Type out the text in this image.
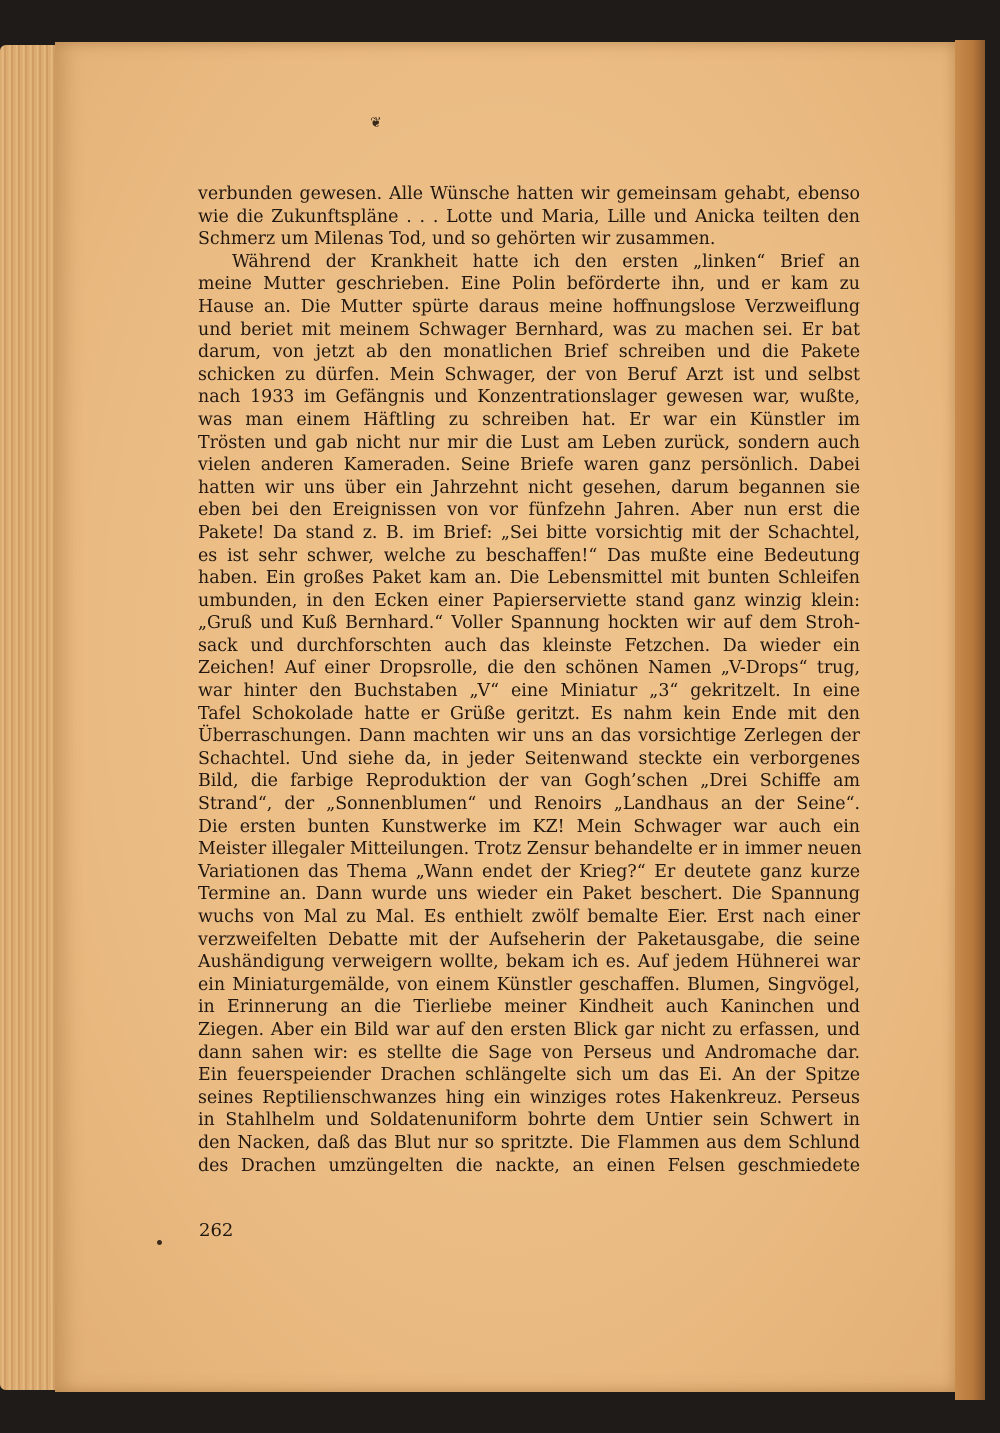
❦
verbunden gewesen. Alle Wünsche hatten wir gemeinsam gehabt, ebenso
wie die Zukunftspläne . . . Lotte und Maria, Lille und Anicka teilten den
Schmerz um Milenas Tod, und so gehörten wir zusammen.
Während der Krankheit hatte ich den ersten „linken“ Brief an
meine Mutter geschrieben. Eine Polin beförderte ihn, und er kam zu
Hause an. Die Mutter spürte daraus meine hoffnungslose Verzweiflung
und beriet mit meinem Schwager Bernhard, was zu machen sei. Er bat
darum, von jetzt ab den monatlichen Brief schreiben und die Pakete
schicken zu dürfen. Mein Schwager, der von Beruf Arzt ist und selbst
nach 1933 im Gefängnis und Konzentrationslager gewesen war, wußte,
was man einem Häftling zu schreiben hat. Er war ein Künstler im
Trösten und gab nicht nur mir die Lust am Leben zurück, sondern auch
vielen anderen Kameraden. Seine Briefe waren ganz persönlich. Dabei
hatten wir uns über ein Jahrzehnt nicht gesehen, darum begannen sie
eben bei den Ereignissen von vor fünfzehn Jahren. Aber nun erst die
Pakete! Da stand z. B. im Brief: „Sei bitte vorsichtig mit der Schachtel,
es ist sehr schwer, welche zu beschaffen!“ Das mußte eine Bedeutung
haben. Ein großes Paket kam an. Die Lebensmittel mit bunten Schleifen
umbunden, in den Ecken einer Papierserviette stand ganz winzig klein:
„Gruß und Kuß Bernhard.“ Voller Spannung hockten wir auf dem Stroh-
sack und durchforschten auch das kleinste Fetzchen. Da wieder ein
Zeichen! Auf einer Dropsrolle, die den schönen Namen „V-Drops“ trug,
war hinter den Buchstaben „V“ eine Miniatur „3“ gekritzelt. In eine
Tafel Schokolade hatte er Grüße geritzt. Es nahm kein Ende mit den
Überraschungen. Dann machten wir uns an das vorsichtige Zerlegen der
Schachtel. Und siehe da, in jeder Seitenwand steckte ein verborgenes
Bild, die farbige Reproduktion der van Gogh’schen „Drei Schiffe am
Strand“, der „Sonnenblumen“ und Renoirs „Landhaus an der Seine“.
Die ersten bunten Kunstwerke im KZ! Mein Schwager war auch ein
Meister illegaler Mitteilungen. Trotz Zensur behandelte er in immer neuen
Variationen das Thema „Wann endet der Krieg?“ Er deutete ganz kurze
Termine an. Dann wurde uns wieder ein Paket beschert. Die Spannung
wuchs von Mal zu Mal. Es enthielt zwölf bemalte Eier. Erst nach einer
verzweifelten Debatte mit der Aufseherin der Paketausgabe, die seine
Aushändigung verweigern wollte, bekam ich es. Auf jedem Hühnerei war
ein Miniaturgemälde, von einem Künstler geschaffen. Blumen, Singvögel,
in Erinnerung an die Tierliebe meiner Kindheit auch Kaninchen und
Ziegen. Aber ein Bild war auf den ersten Blick gar nicht zu erfassen, und
dann sahen wir: es stellte die Sage von Perseus und Andromache dar.
Ein feuerspeiender Drachen schlängelte sich um das Ei. An der Spitze
seines Reptilienschwanzes hing ein winziges rotes Hakenkreuz. Perseus
in Stahlhelm und Soldatenuniform bohrte dem Untier sein Schwert in
den Nacken, daß das Blut nur so spritzte. Die Flammen aus dem Schlund
des Drachen umzüngelten die nackte, an einen Felsen geschmiedete
262
